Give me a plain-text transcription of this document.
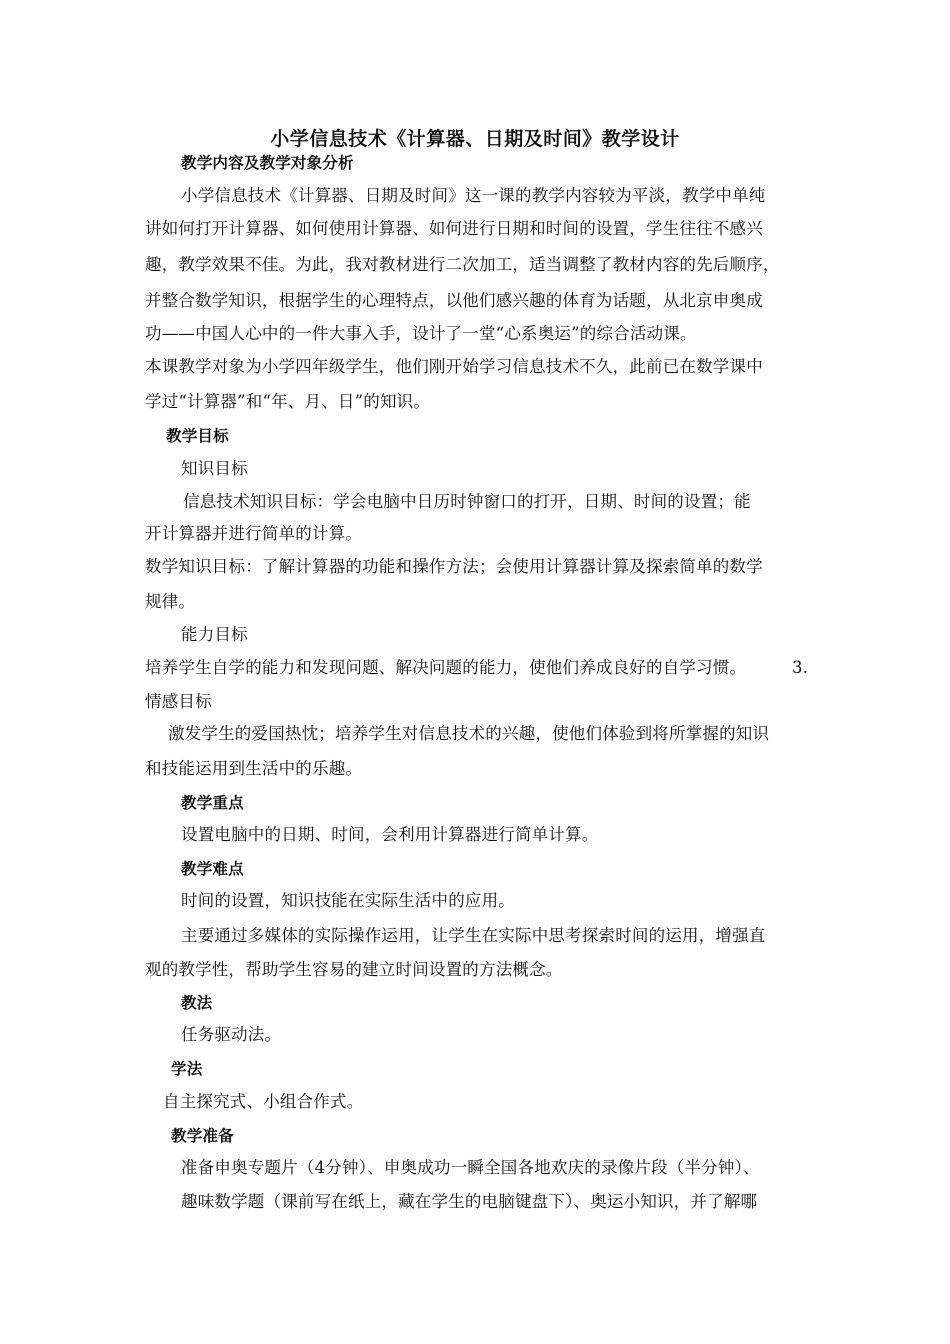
小学信息技术《计算器、日期及时间》教学设计
教学内容及教学对象分析
小学信息技术《计算器、日期及时间》这一课的教学内容较为平淡，教学中单纯
讲如何打开计算器、如何使用计算器、如何进行日期和时间的设置，学生往往不感兴
趣，教学效果不佳。为此，我对教材进行二次加工，适当调整了教材内容的先后顺序，
并整合数学知识，根据学生的心理特点，以他们感兴趣的体育为话题，从北京申奥成
功——中国人心中的一件大事入手，设计了一堂“心系奥运”的综合活动课。
本课教学对象为小学四年级学生，他们刚开始学习信息技术不久，此前已在数学课中
学过“计算器”和“年、月、日”的知识。
教学目标
知识目标
信息技术知识目标：学会电脑中日历时钟窗口的打开，日期、时间的设置；能
开计算器并进行简单的计算。
数学知识目标：了解计算器的功能和操作方法；会使用计算器计算及探索简单的数学
规律。
能力目标
培养学生自学的能力和发现问题、解决问题的能力，使他们养成良好的自学习惯。	3.
情感目标
激发学生的爱国热忱；培养学生对信息技术的兴趣，使他们体验到将所掌握的知识
和技能运用到生活中的乐趣。
教学重点
设置电脑中的日期、时间，会利用计算器进行简单计算。
教学难点
时间的设置，知识技能在实际生活中的应用。
主要通过多媒体的实际操作运用，让学生在实际中思考探索时间的运用，增强直
观的教学性，帮助学生容易的建立时间设置的方法概念。
教法
任务驱动法。
学法
自主探究式、小组合作式。
教学准备
准备申奥专题片（4分钟）、申奥成功一瞬全国各地欢庆的录像片段（半分钟）、
趣味数学题（课前写在纸上，藏在学生的电脑键盘下）、奥运小知识，并了解哪
